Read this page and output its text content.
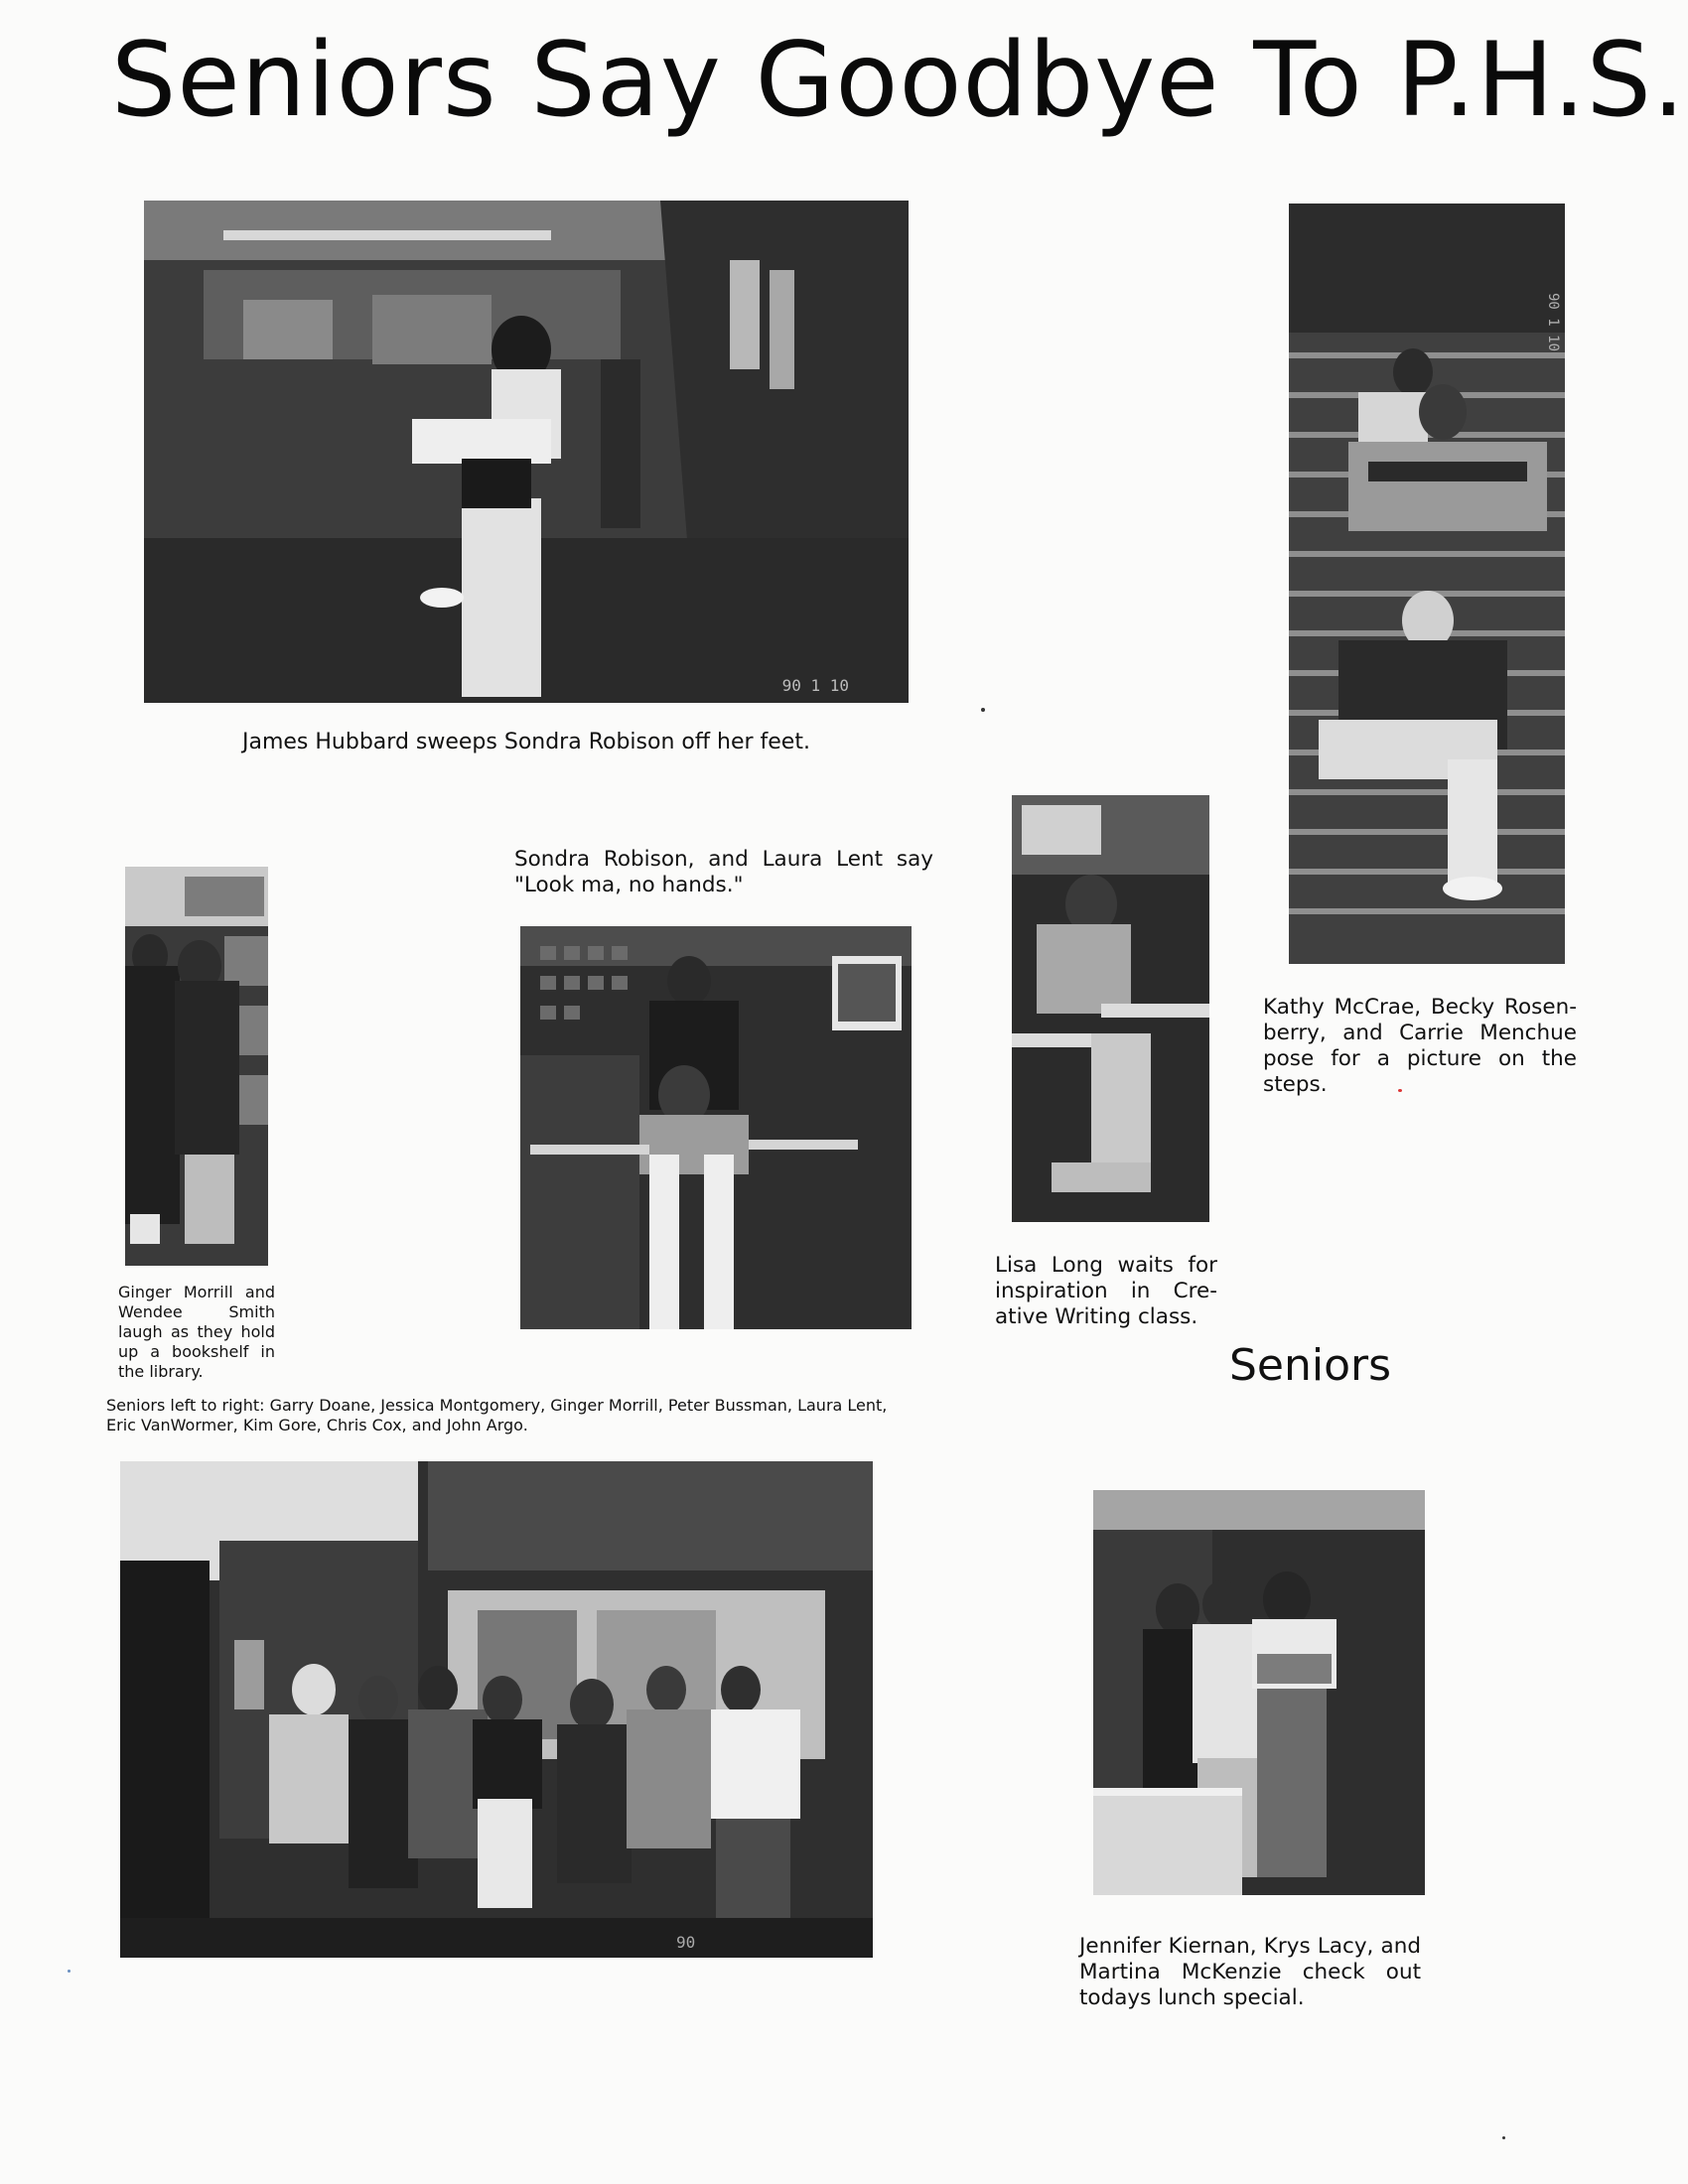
Seniors Say Goodbye To P.H.S.
90 1 10
James Hubbard sweeps Sondra Robison off her feet.
90 1 10
Kathy McCrae, Becky Rosen-berry, and Carrie Menchue pose for a picture on the steps.
Ginger Morrill and Wendee Smith laugh as they hold up a bookshelf in the library.
Sondra Robison, and Laura Lent say "Look ma, no hands."
Lisa Long waits for inspiration in Cre-ative Writing class.
Seniors
Seniors left to right: Garry Doane, Jessica Montgomery, Ginger Morrill, Peter Bussman, Laura Lent, Eric VanWormer, Kim Gore, Chris Cox, and John Argo.
90	Jennifer Kiernan, Krys Lacy, and Martina McKenzie check out todays lunch special.
